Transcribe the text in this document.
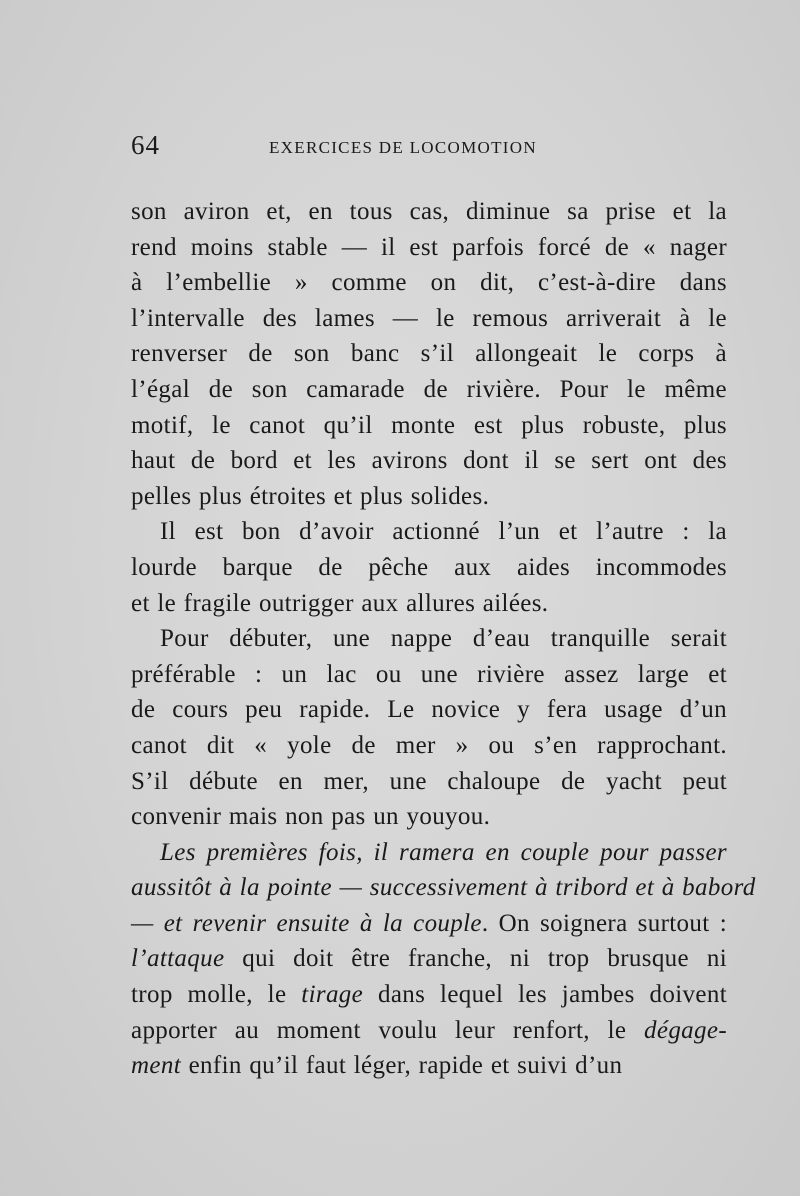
64	EXERCICES DE LOCOMOTION
son aviron et, en tous cas, diminue sa prise et la
rend moins stable — il est parfois forcé de « nager
à l’embellie » comme on dit, c’est-à-dire dans
l’intervalle des lames — le remous arriverait à le
renverser de son banc s’il allongeait le corps à
l’égal de son camarade de rivière. Pour le même
motif, le canot qu’il monte est plus robuste, plus
haut de bord et les avirons dont il se sert ont des
pelles plus étroites et plus solides.
Il est bon d’avoir actionné l’un et l’autre : la
lourde barque de pêche aux aides incommodes
et le fragile outrigger aux allures ailées.
Pour débuter, une nappe d’eau tranquille serait
préférable : un lac ou une rivière assez large et
de cours peu rapide. Le novice y fera usage d’un
canot dit « yole de mer » ou s’en rapprochant.
S’il débute en mer, une chaloupe de yacht peut
convenir mais non pas un youyou.
Les premières fois, il ramera en couple pour passer
aussitôt à la pointe — successivement à tribord et à babord
— et revenir ensuite à la couple. On soignera surtout :
l’attaque qui doit être franche, ni trop brusque ni
trop molle, le tirage dans lequel les jambes doivent
apporter au moment voulu leur renfort, le dégage-
ment enfin qu’il faut léger, rapide et suivi d’un
